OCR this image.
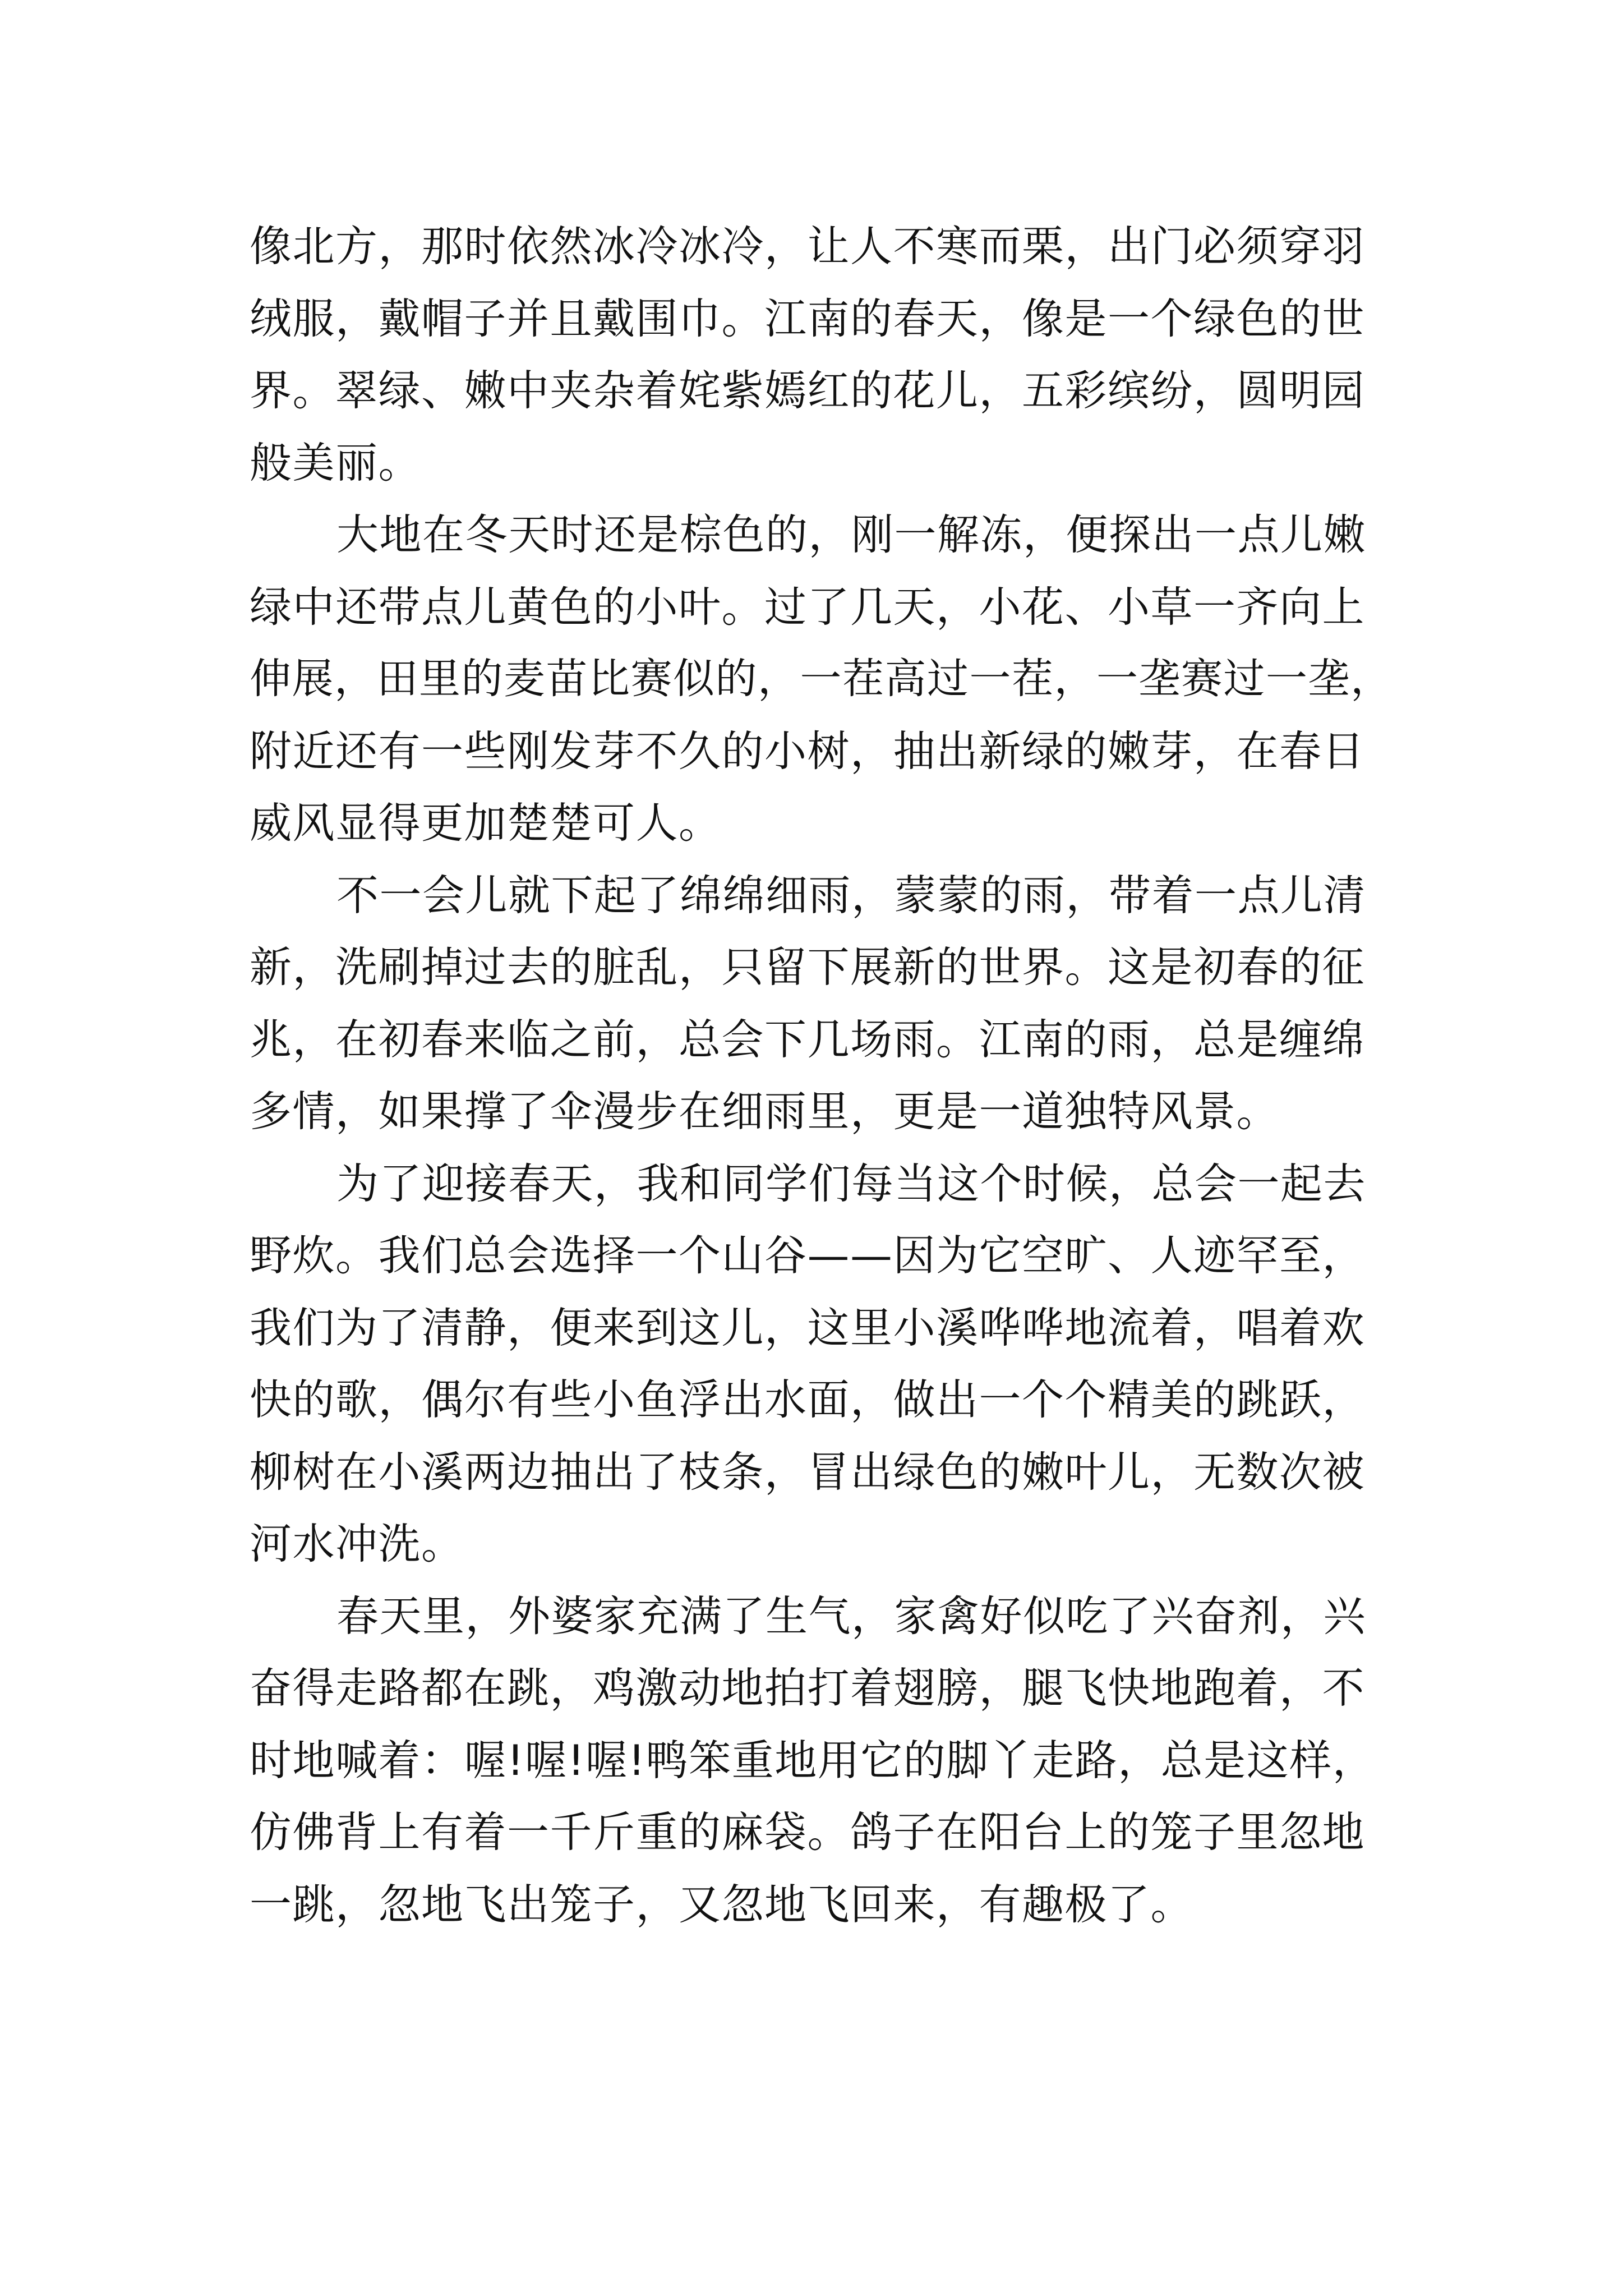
像北方，那时依然冰冷冰冷，让人不寒而栗，出门必须穿羽
绒服，戴帽子并且戴围巾。江南的春天，像是一个绿色的世
界。翠绿、嫩中夹杂着姹紫嫣红的花儿，五彩缤纷，圆明园
般美丽。
大地在冬天时还是棕色的，刚一解冻，便探出一点儿嫩
绿中还带点儿黄色的小叶。过了几天，小花、小草一齐向上
伸展，田里的麦苗比赛似的，一茬高过一茬，一垄赛过一垄，
附近还有一些刚发芽不久的小树，抽出新绿的嫩芽，在春日
威风显得更加楚楚可人。
不一会儿就下起了绵绵细雨，蒙蒙的雨，带着一点儿清
新，洗刷掉过去的脏乱，只留下展新的世界。这是初春的征
兆，在初春来临之前，总会下几场雨。江南的雨，总是缠绵
多情，如果撑了伞漫步在细雨里，更是一道独特风景。
为了迎接春天，我和同学们每当这个时候，总会一起去
野炊。我们总会选择一个山谷——因为它空旷、人迹罕至，
我们为了清静，便来到这儿，这里小溪哗哗地流着，唱着欢
快的歌，偶尔有些小鱼浮出水面，做出一个个精美的跳跃，
柳树在小溪两边抽出了枝条，冒出绿色的嫩叶儿，无数次被
河水冲洗。
春天里，外婆家充满了生气，家禽好似吃了兴奋剂，兴
奋得走路都在跳，鸡激动地拍打着翅膀，腿飞快地跑着，不
时地喊着：喔!喔!喔!鸭笨重地用它的脚丫走路，总是这样，
仿佛背上有着一千斤重的麻袋。鸽子在阳台上的笼子里忽地
一跳，忽地飞出笼子，又忽地飞回来，有趣极了。
